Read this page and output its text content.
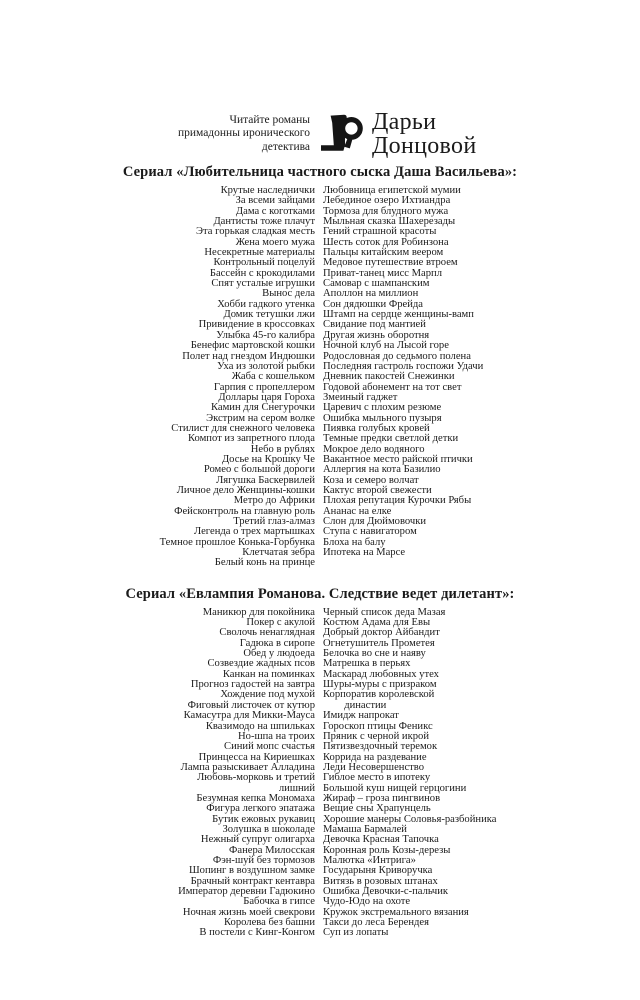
Читайте романы
примадонны иронического
детектива
Дарьи
Донцовой
Сериал «Любительница частного сыска Даша Васильева»:
Крутые наследнички
За всеми зайцами
Дама с коготками
Дантисты тоже плачут
Эта горькая сладкая месть
Жена моего мужа
Несекретные материалы
Контрольный поцелуй
Бассейн с крокодилами
Спят усталые игрушки
Вынос дела
Хобби гадкого утенка
Домик тетушки лжи
Привидение в кроссовках
Улыбка 45-го калибра
Бенефис мартовской кошки
Полет над гнездом Индюшки
Уха из золотой рыбки
Жаба с кошельком
Гарпия с пропеллером
Доллары царя Гороха
Камин для Снегурочки
Экстрим на сером волке
Стилист для снежного человека
Компот из запретного плода
Небо в рублях
Досье на Крошку Че
Ромео с большой дороги
Лягушка Баскервилей
Личное дело Женщины-кошки
Метро до Африки
Фейсконтроль на главную роль
Третий глаз-алмаз
Легенда о трех мартышках
Темное прошлое Конька-Горбунка
Клетчатая зебра
Белый конь на принце
Любовница египетской мумии
Лебединое озеро Ихтиандра
Тормоза для блудного мужа
Мыльная сказка Шахерезады
Гений страшной красоты
Шесть соток для Робинзона
Пальцы китайским веером
Медовое путешествие втроем
Приват-танец мисс Марпл
Самовар с шампанским
Аполлон на миллион
Сон дядюшки Фрейда
Штамп на сердце женщины-вамп
Свидание под мантией
Другая жизнь оборотня
Ночной клуб на Лысой горе
Родословная до седьмого полена
Последняя гастроль госпожи Удачи
Дневник пакостей Снежинки
Годовой абонемент на тот свет
Змеиный гаджет
Царевич с плохим резюме
Ошибка мыльного пузыря
Пиявка голубых кровей
Темные предки светлой детки
Мокрое дело водяного
Вакантное место райской птички
Аллергия на кота Базилио
Коза и семеро волчат
Кактус второй свежести
Плохая репутация Курочки Рябы
Ананас на елке
Слон для Дюймовочки
Ступа с навигатором
Блоха на балу
Ипотека на Марсе
Сериал «Евлампия Романова. Следствие ведет дилетант»:
Маникюр для покойника
Покер с акулой
Сволочь ненаглядная
Гадюка в сиропе
Обед у людоеда
Созвездие жадных псов
Канкан на поминках
Прогноз гадостей на завтра
Хождение под мухой
Фиговый листочек от кутюр
Камасутра для Микки-Мауса
Квазимодо на шпильках
Но-шпа на троих
Синий мопс счастья
Принцесса на Кириешках
Лампа разыскивает Алладина
Любовь-морковь и третий
лишний
Безумная кепка Мономаха
Фигура легкого эпатажа
Бутик ежовых рукавиц
Золушка в шоколаде
Нежный супруг олигарха
Фанера Милосская
Фэн-шуй без тормозов
Шопинг в воздушном замке
Брачный контракт кентавра
Император деревни Гадюкино
Бабочка в гипсе
Ночная жизнь моей свекрови
Королева без башни
В постели с Кинг-Конгом
Черный список деда Мазая
Костюм Адама для Евы
Добрый доктор Айбандит
Огнетушитель Прометея
Белочка во сне и наяву
Матрешка в перьях
Маскарад любовных утех
Шуры-муры с призраком
Корпоратив королевской
династии
Имидж напрокат
Гороскоп птицы Феникс
Пряник с черной икрой
Пятизвездочный теремок
Коррида на раздевание
Леди Несовершенство
Гиблое место в ипотеку
Большой куш нищей герцогини
Жираф – гроза пингвинов
Вещие сны Храпунцель
Хорошие манеры Соловья-разбойника
Мамаша Бармалей
Девочка Красная Тапочка
Коронная роль Козы-дерезы
Малютка «Интрига»
Государыня Криворучка
Витязь в розовых штанах
Ошибка Девочки-с-пальчик
Чудо-Юдо на охоте
Кружок экстремального вязания
Такси до леса Берендея
Суп из лопаты
